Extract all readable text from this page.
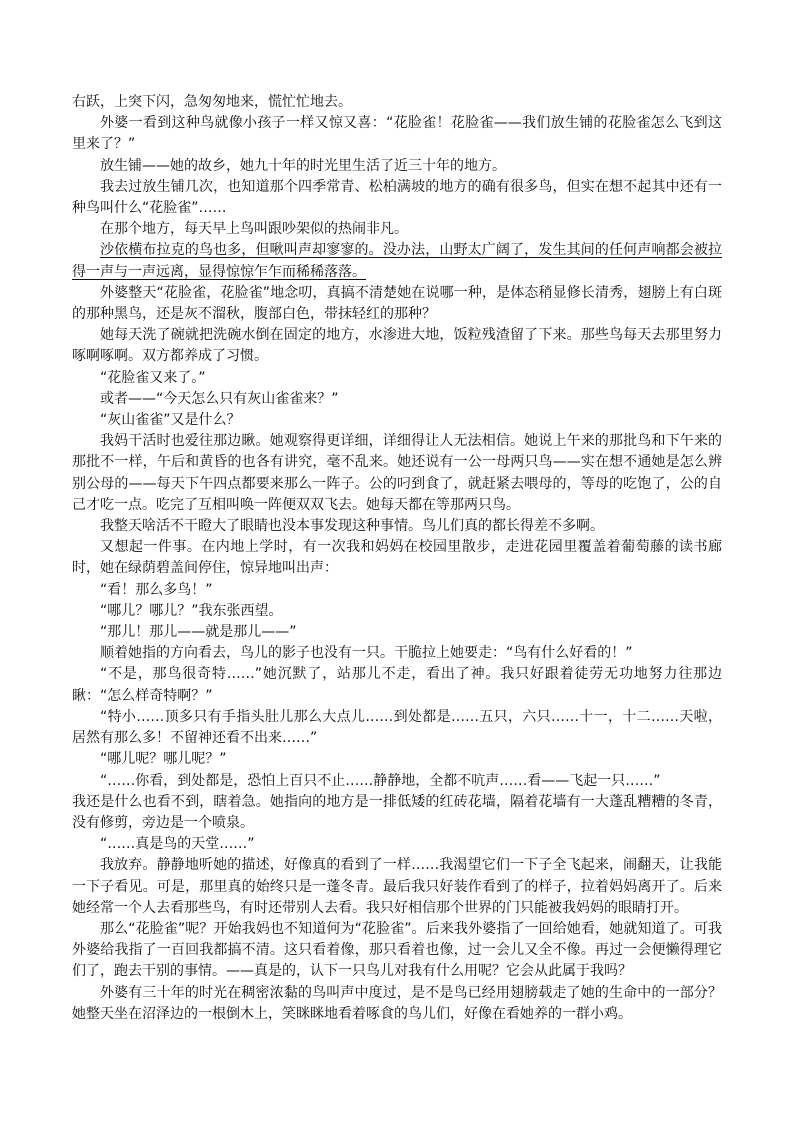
右跃，上突下闪，急匆匆地来，慌忙忙地去。

外婆一看到这种鸟就像小孩子一样又惊又喜：“花脸雀！花脸雀——我们放生铺的花脸雀怎么飞到这里来了？”

放生铺——她的故乡，她九十年的时光里生活了近三十年的地方。

我去过放生铺几次，也知道那个四季常青、松柏满坡的地方的确有很多鸟，但实在想不起其中还有一种鸟叫什么“花脸雀”……

在那个地方，每天早上鸟叫跟吵架似的热闹非凡。

沙依横布拉克的鸟也多，但啾叫声却寥寥的。没办法，山野太广阔了，发生其间的任何声响都会被拉得一声与一声远离，显得惊惊乍乍而稀稀落落。

外婆整天“花脸雀，花脸雀”地念叨，真搞不清楚她在说哪一种，是体态稍显修长清秀，翅膀上有白斑的那种黑鸟，还是灰不溜秋，腹部白色，带抹轻红的那种？

她每天洗了碗就把洗碗水倒在固定的地方，水渗进大地，饭粒残渣留了下来。那些鸟每天去那里努力啄啊啄啊。双方都养成了习惯。

“花脸雀又来了。”

或者——“今天怎么只有灰山雀雀来？”

“灰山雀雀”又是什么？

我妈干活时也爱往那边瞅。她观察得更详细，详细得让人无法相信。她说上午来的那批鸟和下午来的那批不一样，午后和黄昏的也各有讲究，毫不乱来。她还说有一公一母两只鸟——实在想不通她是怎么辨别公母的——每天下午四点都要来那么一阵子。公的叼到食了，就赶紧去喂母的，等母的吃饱了，公的自己才吃一点。吃完了互相叫唤一阵便双双飞去。她每天都在等那两只鸟。

我整天啥活不干瞪大了眼睛也没本事发现这种事情。鸟儿们真的都长得差不多啊。

又想起一件事。在内地上学时，有一次我和妈妈在校园里散步，走进花园里覆盖着葡萄藤的读书廊时，她在绿荫碧盖间停住，惊异地叫出声：

“看！那么多鸟！”

“哪儿？哪儿？”我东张西望。

“那儿！那儿——就是那儿——”

顺着她指的方向看去，鸟儿的影子也没有一只。干脆拉上她要走：“鸟有什么好看的！”

“不是，那鸟很奇特……”她沉默了，站那儿不走，看出了神。我只好跟着徒劳无功地努力往那边瞅：“怎么样奇特啊？”

“特小……顶多只有手指头肚儿那么大点儿……到处都是……五只，六只……十一，十二……天啦，居然有那么多！不留神还看不出来……”

“哪儿呢？哪儿呢？”

“……你看，到处都是，恐怕上百只不止……静静地，全都不吭声……看——飞起一只……”

我还是什么也看不到，瞎着急。她指向的地方是一排低矮的红砖花墙，隔着花墙有一大蓬乱糟糟的冬青，没有修剪，旁边是一个喷泉。

“……真是鸟的天堂……”

我放弃。静静地听她的描述，好像真的看到了一样……我渴望它们一下子全飞起来，闹翻天，让我能一下子看见。可是，那里真的始终只是一蓬冬青。最后我只好装作看到了的样子，拉着妈妈离开了。后来她经常一个人去看那些鸟，有时还带别人去看。我只好相信那个世界的门只能被我妈妈的眼睛打开。

那么“花脸雀”呢？开始我妈也不知道何为“花脸雀”。后来我外婆指了一回给她看，她就知道了。可我外婆给我指了一百回我都搞不清。这只看着像，那只看着也像，过一会儿又全不像。再过一会便懒得理它们了，跑去干别的事情。——真是的，认下一只鸟儿对我有什么用呢？它会从此属于我吗？

外婆有三十年的时光在稠密浓黏的鸟叫声中度过，是不是鸟已经用翅膀载走了她的生命中的一部分？她整天坐在沼泽边的一根倒木上，笑眯眯地看着啄食的鸟儿们，好像在看她养的一群小鸡。
